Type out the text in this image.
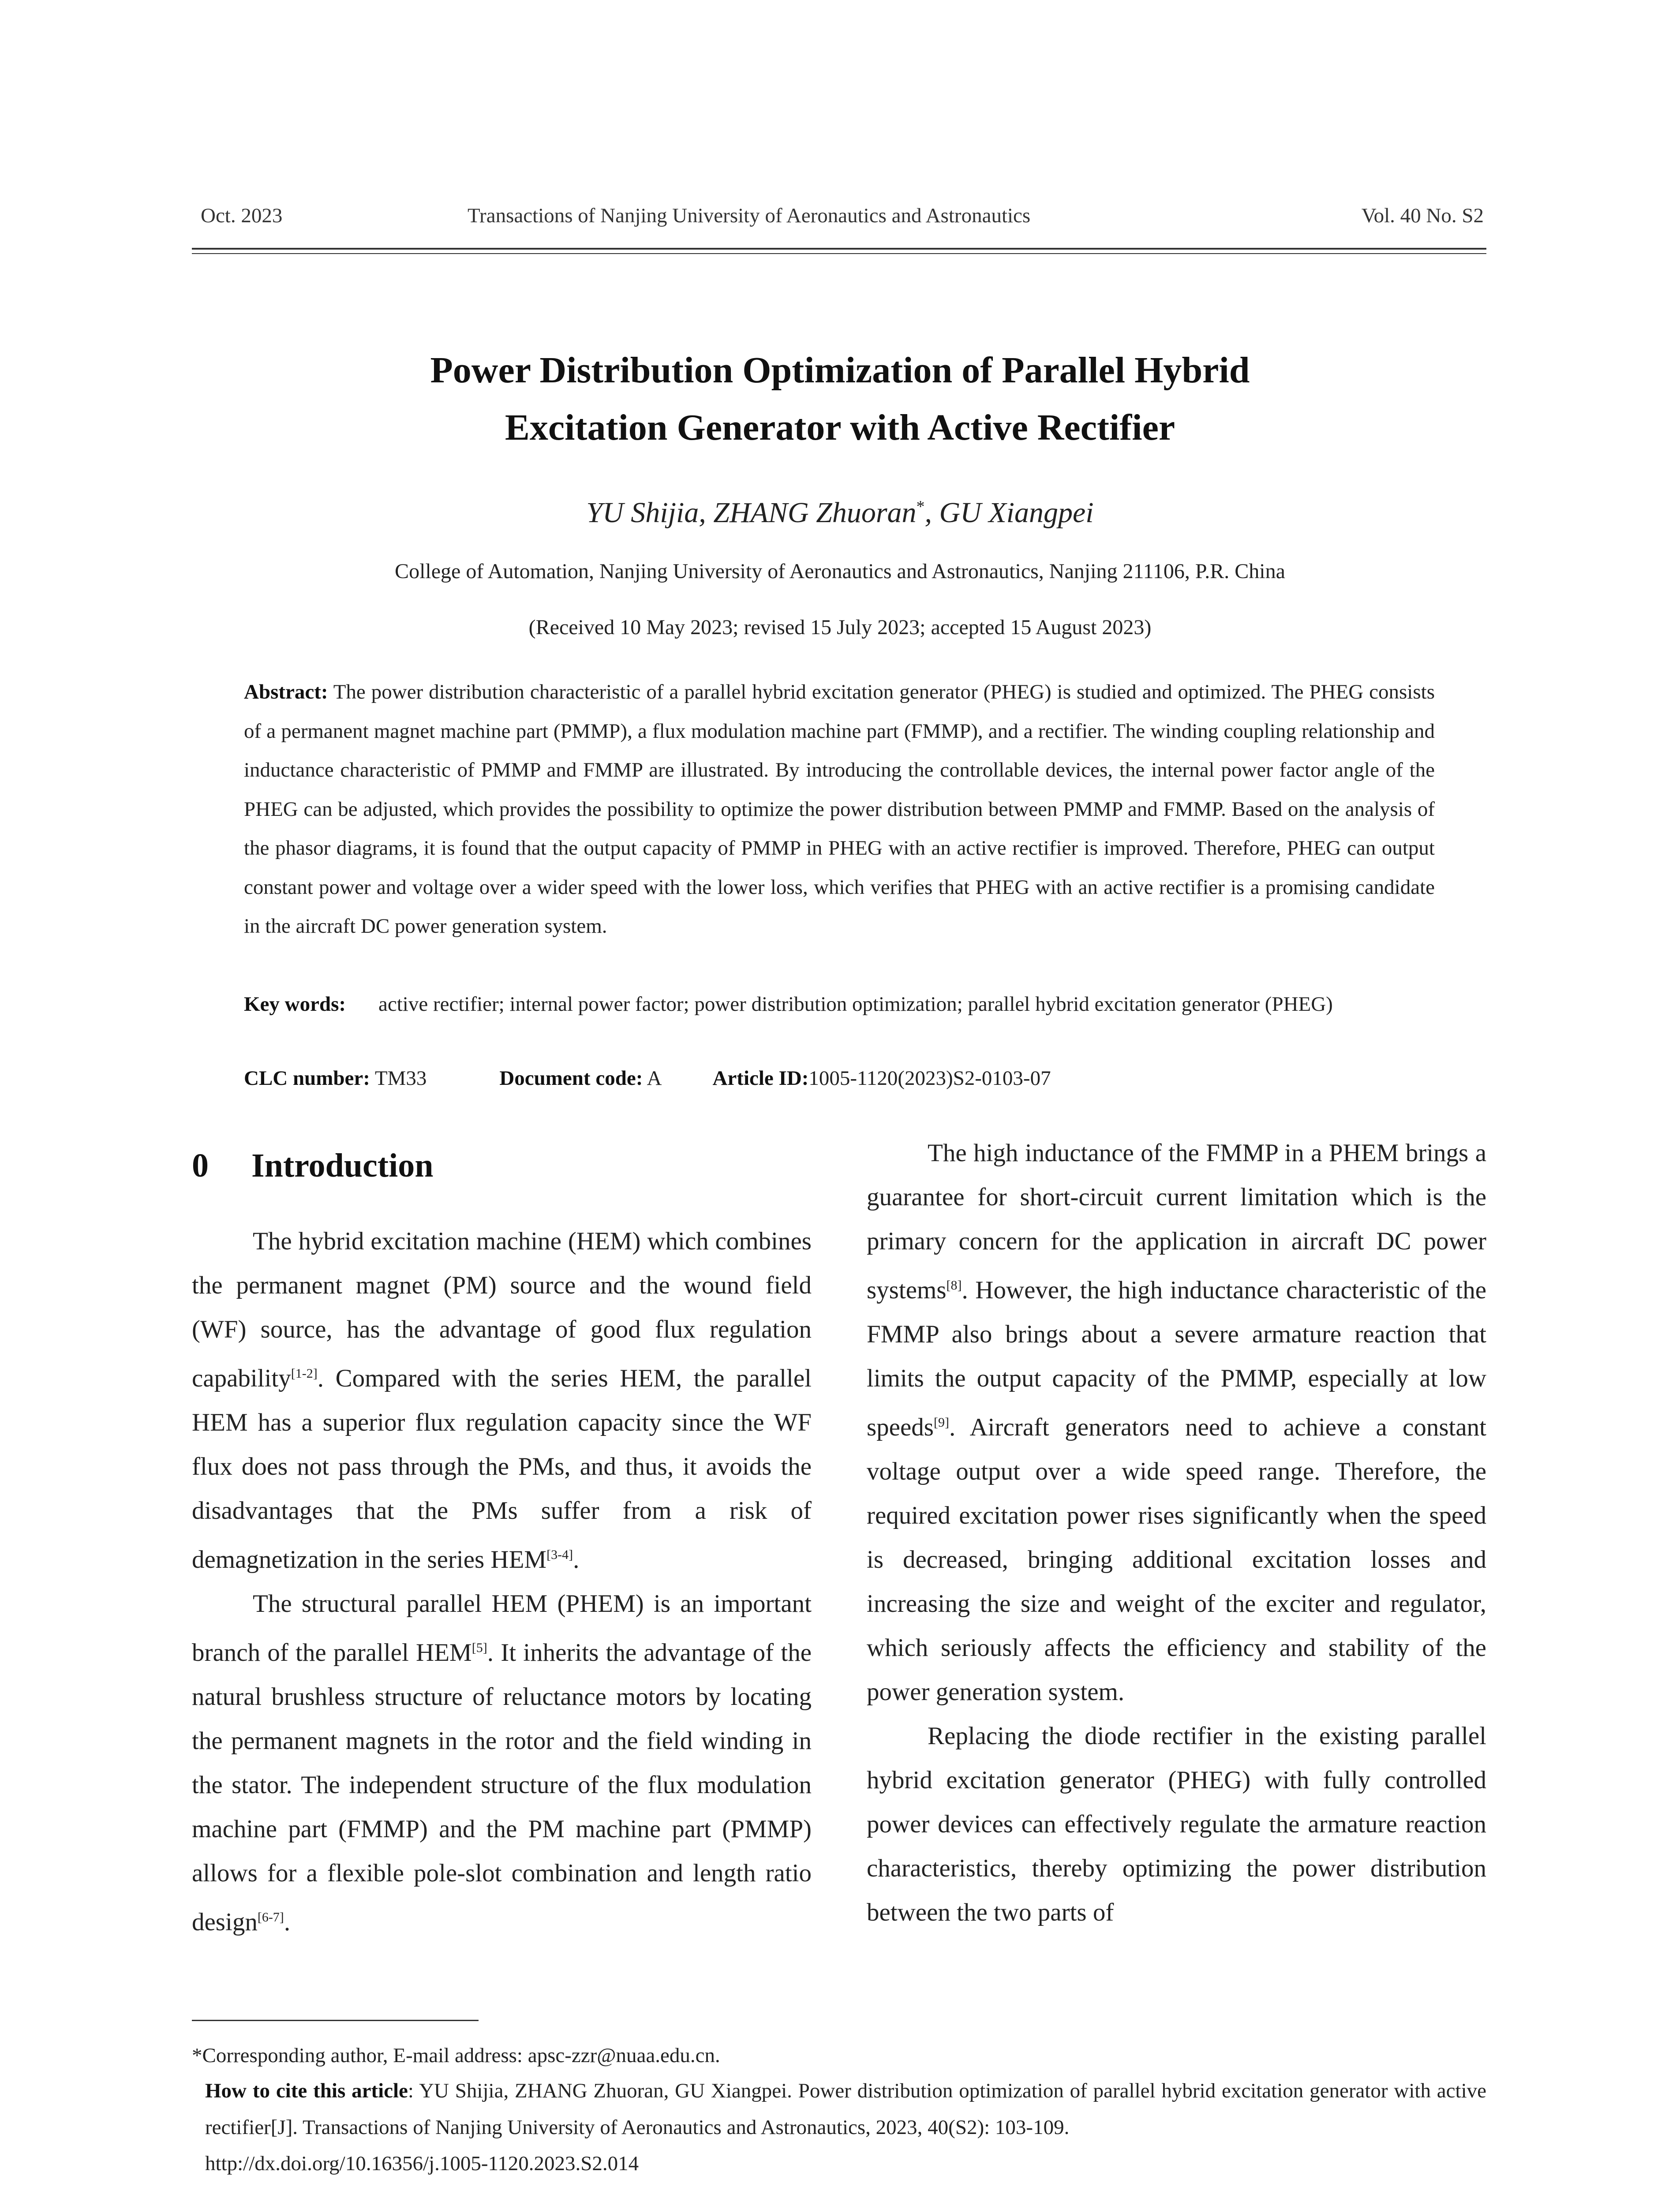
Oct. 2023	Transactions of Nanjing University of Aeronautics and Astronautics	Vol. 40 No. S2
Power Distribution Optimization of Parallel Hybrid
Excitation Generator with Active Rectifier
YU Shijia, ZHANG Zhuoran*, GU Xiangpei
College of Automation, Nanjing University of Aeronautics and Astronautics, Nanjing 211106, P.R. China
(Received 10 May 2023; revised 15 July 2023; accepted 15 August 2023)
Abstract: The power distribution characteristic of a parallel hybrid excitation generator (PHEG) is studied and optimized. The PHEG consists of a permanent magnet machine part (PMMP), a flux modulation machine part (FMMP), and a rectifier. The winding coupling relationship and inductance characteristic of PMMP and FMMP are illustrated. By introducing the controllable devices, the internal power factor angle of the PHEG can be adjusted, which provides the possibility to optimize the power distribution between PMMP and FMMP. Based on the analysis of the phasor diagrams, it is found that the output capacity of PMMP in PHEG with an active rectifier is improved. Therefore, PHEG can output constant power and voltage over a wider speed with the lower loss, which verifies that PHEG with an active rectifier is a promising candidate in the aircraft DC power generation system.
Key words: active rectifier; internal power factor; power distribution optimization; parallel hybrid excitation generator (PHEG)
CLC number: TM33	Document code: A Article ID:1005-1120(2023)S2-0103-07
0 Introduction

The hybrid excitation machine (HEM) which combines the permanent magnet (PM) source and the wound field (WF) source, has the advantage of good flux regulation capability[1-2]. Compared with the series HEM, the parallel HEM has a superior flux regulation capacity since the WF flux does not pass through the PMs, and thus, it avoids the disadvantages that the PMs suffer from a risk of demagnetization in the series HEM[3-4].

The structural parallel HEM (PHEM) is an important branch of the parallel HEM[5]. It inherits the advantage of the natural brushless structure of reluctance motors by locating the permanent magnets in the rotor and the field winding in the stator. The independent structure of the flux modulation machine part (FMMP) and the PM machine part (PMMP) allows for a flexible pole-slot combination and length ratio design[6-7].

The high inductance of the FMMP in a PHEM brings a guarantee for short-circuit current limitation which is the primary concern for the application in aircraft DC power systems[8]. However, the high inductance characteristic of the FMMP also brings about a severe armature reaction that limits the output capacity of the PMMP, especially at low speeds[9]. Aircraft generators need to achieve a constant voltage output over a wide speed range. Therefore, the required excitation power rises significantly when the speed is decreased, bringing additional excitation losses and increasing the size and weight of the exciter and regulator, which seriously affects the efficiency and stability of the power generation system.

Replacing the diode rectifier in the existing parallel hybrid excitation generator (PHEG) with fully controlled power devices can effectively regulate the armature reaction characteristics, thereby optimizing the power distribution between the two parts of

*Corresponding author, E-mail address: apsc-zzr@nuaa.edu.cn.
How to cite this article: YU Shijia, ZHANG Zhuoran, GU Xiangpei. Power distribution optimization of parallel hybrid excitation generator with active rectifier[J]. Transactions of Nanjing University of Aeronautics and Astronautics, 2023, 40(S2): 103-109.
http://dx.doi.org/10.16356/j.1005-1120.2023.S2.014
